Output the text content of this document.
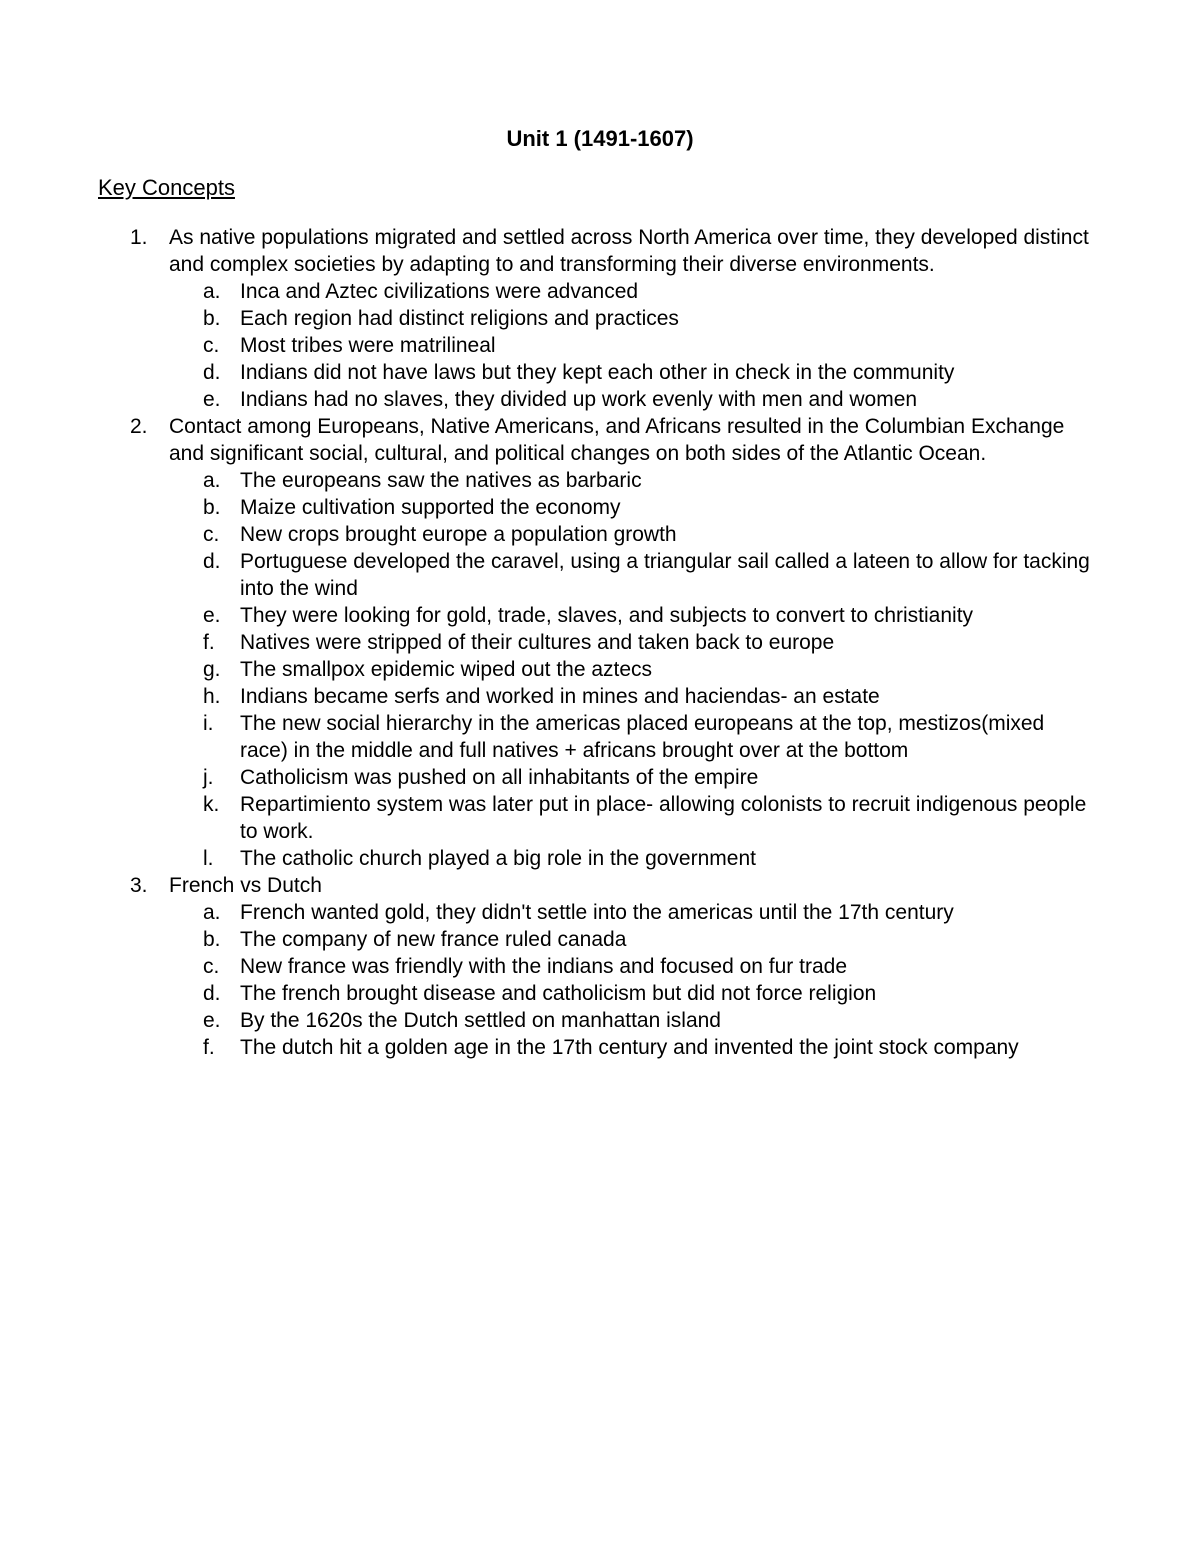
Unit 1 (1491-1607)
Key Concepts
1. As native populations migrated and settled across North America over time, they developed distinct and complex societies by adapting to and transforming their diverse environments.
a. Inca and Aztec civilizations were advanced
b. Each region had distinct religions and practices
c. Most tribes were matrilineal
d. Indians did not have laws but they kept each other in check in the community
e. Indians had no slaves, they divided up work evenly with men and women
2. Contact among Europeans, Native Americans, and Africans resulted in the Columbian Exchange and significant social, cultural, and political changes on both sides of the Atlantic Ocean.
a. The europeans saw the natives as barbaric
b. Maize cultivation supported the economy
c. New crops brought europe a population growth
d. Portuguese developed the caravel, using a triangular sail called a lateen to allow for tacking into the wind
e. They were looking for gold, trade, slaves, and subjects to convert to christianity
f. Natives were stripped of their cultures and taken back to europe
g. The smallpox epidemic wiped out the aztecs
h. Indians became serfs and worked in mines and haciendas- an estate
i. The new social hierarchy in the americas placed europeans at the top, mestizos(mixed race) in the middle and full natives + africans brought over at the bottom
j. Catholicism was pushed on all inhabitants of the empire
k. Repartimiento system was later put in place- allowing colonists to recruit indigenous people to work.
l. The catholic church played a big role in the government
3. French vs Dutch
a. French wanted gold, they didn't settle into the americas until the 17th century
b. The company of new france ruled canada
c. New france was friendly with the indians and focused on fur trade
d. The french brought disease and catholicism but did not force religion
e. By the 1620s the Dutch settled on manhattan island
f. The dutch hit a golden age in the 17th century and invented the joint stock company
